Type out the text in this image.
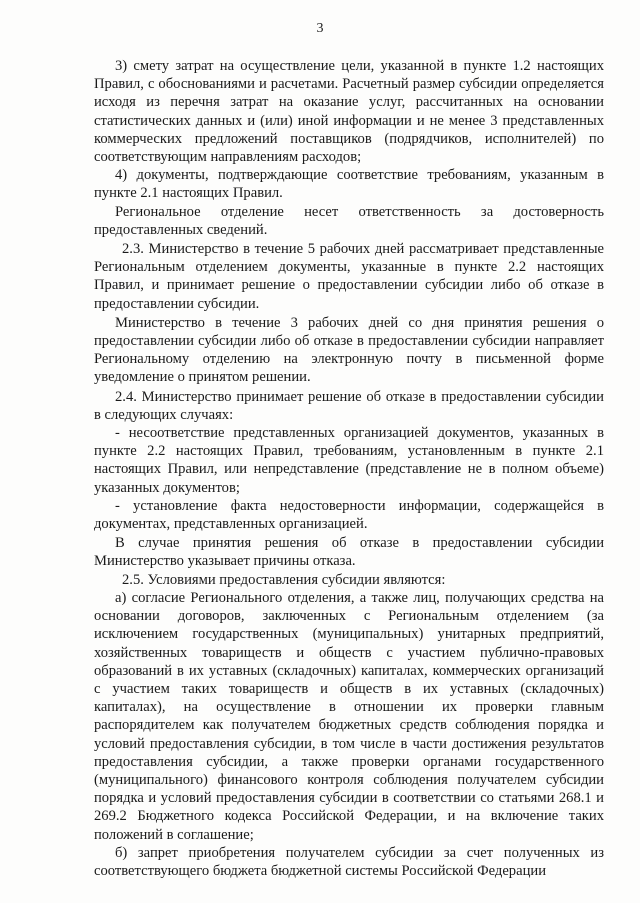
3

3) смету затрат на осуществление цели, указанной в пункте 1.2 настоящих Правил, с обоснованиями и расчетами. Расчетный размер субсидии определяется исходя из перечня затрат на оказание услуг, рассчитанных на основании статистических данных и (или) иной информации и не менее 3 представленных коммерческих предложений поставщиков (подрядчиков, исполнителей) по соответствующим направлениям расходов;

4) документы, подтверждающие соответствие требованиям, указанным в пункте 2.1 настоящих Правил.

Региональное отделение несет ответственность за достоверность предоставленных сведений.

2.3. Министерство в течение 5 рабочих дней рассматривает представленные Региональным отделением документы, указанные в пункте 2.2 настоящих Правил, и принимает решение о предоставлении субсидии либо об отказе в предоставлении субсидии.

Министерство в течение 3 рабочих дней со дня принятия решения о предоставлении субсидии либо об отказе в предоставлении субсидии направляет Региональному отделению на электронную почту в письменной форме уведомление о принятом решении.

2.4. Министерство принимает решение об отказе в предоставлении субсидии в следующих случаях:

- несоответствие представленных организацией документов, указанных в пункте 2.2 настоящих Правил, требованиям, установленным в пункте 2.1 настоящих Правил, или непредставление (представление не в полном объеме) указанных документов;

- установление факта недостоверности информации, содержащейся в документах, представленных организацией.

В случае принятия решения об отказе в предоставлении субсидии Министерство указывает причины отказа.

2.5. Условиями предоставления субсидии являются:

а) согласие Регионального отделения, а также лиц, получающих средства на основании договоров, заключенных с Региональным отделением (за исключением государственных (муниципальных) унитарных предприятий, хозяйственных товариществ и обществ с участием публично-правовых образований в их уставных (складочных) капиталах, коммерческих организаций с участием таких товариществ и обществ в их уставных (складочных) капиталах), на осуществление в отношении их проверки главным распорядителем как получателем бюджетных средств соблюдения порядка и условий предоставления субсидии, в том числе в части достижения результатов предоставления субсидии, а также проверки органами государственного (муниципального) финансового контроля соблюдения получателем субсидии порядка и условий предоставления субсидии в соответствии со статьями 268.1 и 269.2 Бюджетного кодекса Российской Федерации, и на включение таких положений в соглашение;

б) запрет приобретения получателем субсидии за счет полученных из соответствующего бюджета бюджетной системы Российской Федерации
